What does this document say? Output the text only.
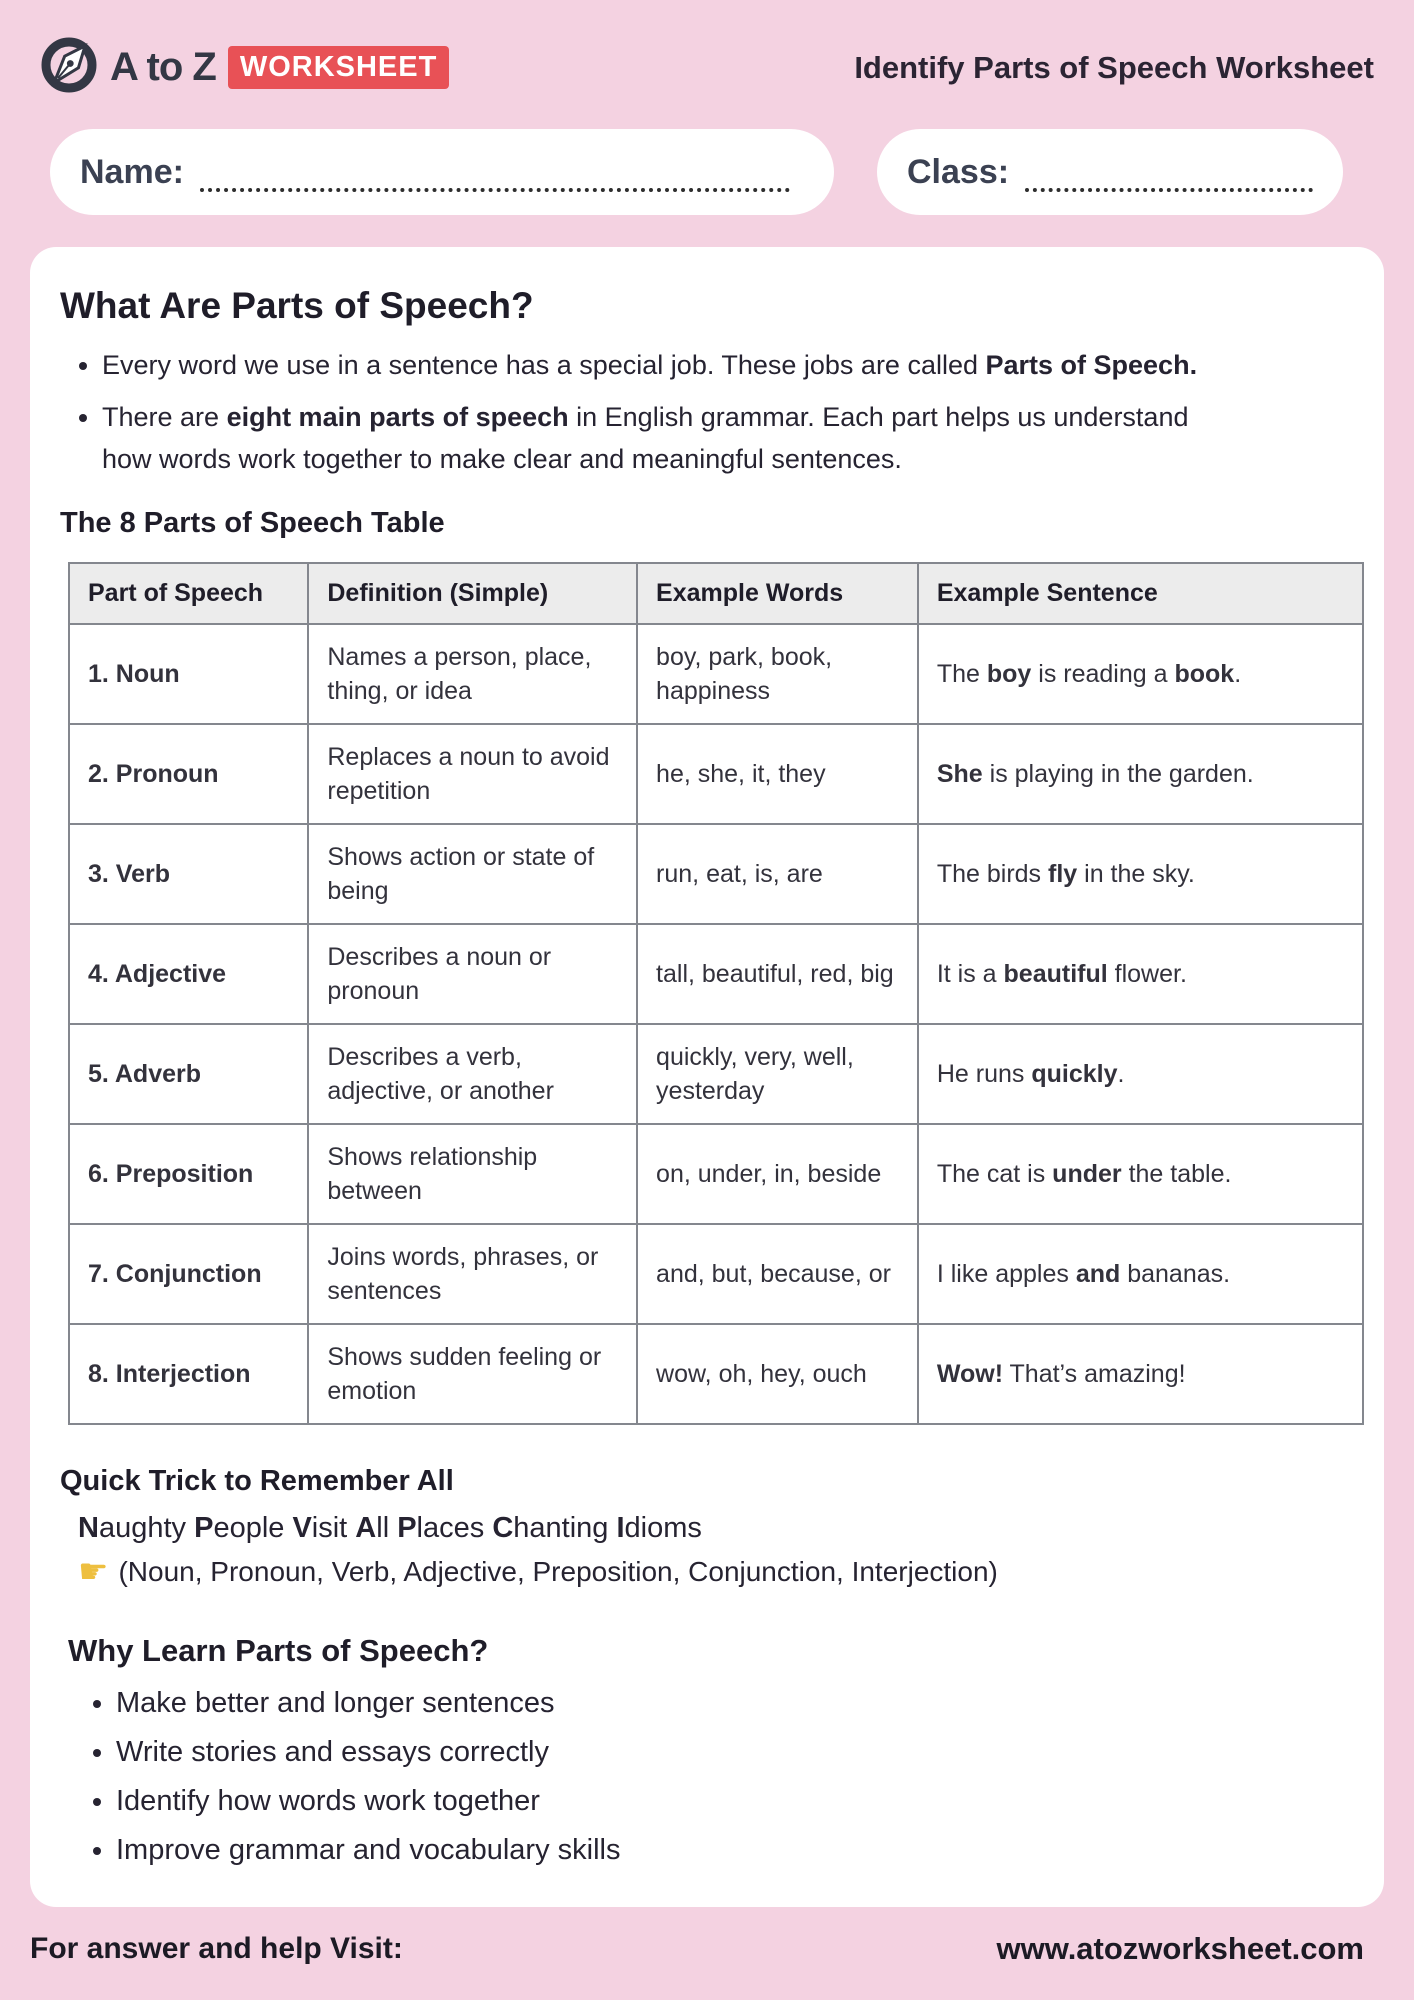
A to Z WORKSHEET	Identify Parts of Speech Worksheet
Name:	Class:
What Are Parts of Speech?
• Every word we use in a sentence has a special job. These jobs are called Parts of Speech.
• There are eight main parts of speech in English grammar. Each part helps us understand how words work together to make clear and meaningful sentences.
The 8 Parts of Speech Table
Part of Speech	Definition (Simple)	Example Words	Example Sentence
1. Noun	Names a person, place, thing, or idea	boy, park, book, happiness	The boy is reading a book.
2. Pronoun	Replaces a noun to avoid repetition	he, she, it, they	She is playing in the garden.
3. Verb	Shows action or state of being	run, eat, is, are	The birds fly in the sky.
4. Adjective	Describes a noun or pronoun	tall, beautiful, red, big	It is a beautiful flower.
5. Adverb	Describes a verb, adjective, or another	quickly, very, well, yesterday	He runs quickly.
6. Preposition	Shows relationship between	on, under, in, beside	The cat is under the table.
7. Conjunction	Joins words, phrases, or sentences	and, but, because, or	I like apples and bananas.
8. Interjection	Shows sudden feeling or emotion	wow, oh, hey, ouch	Wow! That’s amazing!
Quick Trick to Remember All
Naughty People Visit All Places Chanting Idioms
☛ (Noun, Pronoun, Verb, Adjective, Preposition, Conjunction, Interjection)
Why Learn Parts of Speech?
• Make better and longer sentences
• Write stories and essays correctly
• Identify how words work together
• Improve grammar and vocabulary skills
For answer and help Visit:	www.atozworksheet.com
